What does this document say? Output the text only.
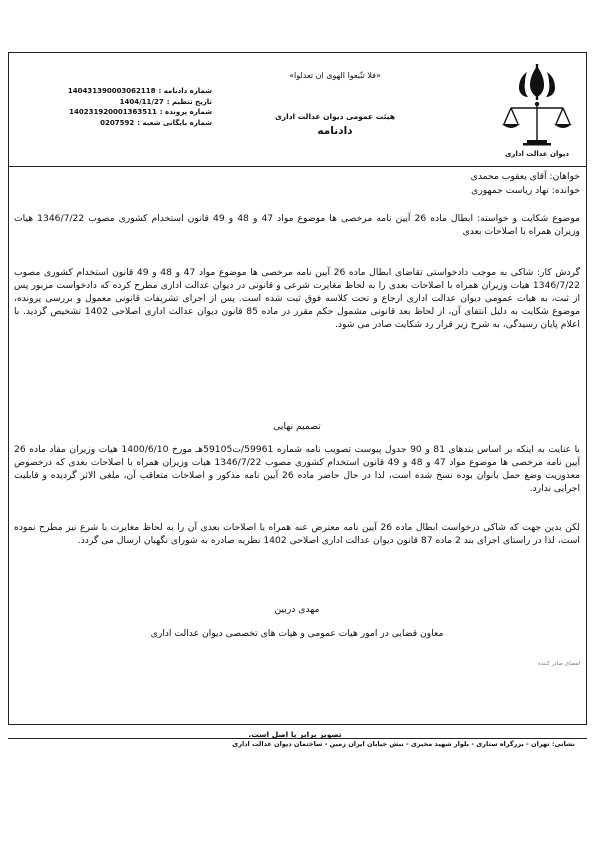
دیوان عدالت اداری
«فلا تتّبعوا الهوى ان تعدلوا»
هیئت عمومی دیوان عدالت اداری
دادنامه
شماره دادنامه :
140431390003062118
تاریخ تنظیم :
1404/11/27
شماره پرونده :
140231920001363511
شماره بایگانی شعبه :
0207592
خواهان: آقای یعقوب محمدی
خوانده: نهاد ریاست جمهوری
موضوع شکایت و خواسته: ابطال ماده 26 آیین نامه مرخصی ها موضوع مواد 47 و 48 و 49 قانون استخدام کشوری مصوب 1346/7/22 هیات وزیران همراه با اصلاحات بعدی
گردش کار: شاکی به موجب دادخواستی تقاضای ابطال ماده 26 آیین نامه مرخصی ها موضوع مواد 47 و 48 و 49 قانون استخدام کشوری مصوب 1346/7/22 هیات وزیران همراه با اصلاحات بعدی را به لحاظ مغایرت شرعی و قانونی در دیوان عدالت اداری مطرح کرده که دادخواست مزبور پس از ثبت، به هیات عمومی دیوان عدالت اداری ارجاع و تحت کلاسه فوق ثبت شده است. پس از اجرای تشریفات قانونی معمول و بررسی پرونده، موضوع شکایت به دلیل انتفای آن، از لحاظ بعد قانونی مشمول حکم مقرر در ماده 85 قانون دیوان عدالت اداری اصلاحی 1402 تشخیص گردید. با اعلام پایان رسیدگی، به شرح زیر قرار رد شکایت صادر می شود.
تصمیم نهایی
با عنایت به اینکه بر اساس بندهای 81 و 90 جدول پیوست تصویب نامه شماره 59961/ت59105هـ مورخ 1400/6/10 هیات وزیران مفاد ماده 26 آیین نامه مرخصی ها موضوع مواد 47 و 48 و 49 قانون استخدام کشوری مصوب 1346/7/22 هیات وزیران همراه با اصلاحات بعدی که درخصوص معذوریت وضع حمل بانوان بوده نسخ شده است، لذا در حال حاضر ماده 26 آیین نامه مذکور و اصلاحات متعاقب آن، ملغی الاثر گردیده و قابلیت اجرایی ندارد.
لکن بدین جهت که شاکی درخواست ابطال ماده 26 آیین نامه معترض عنه همراه با اصلاحات بعدی آن را به لحاظ مغایرت با شرع نیز مطرح نموده است، لذا در راستای اجرای بند 2 ماده 87 قانون دیوان عدالت اداری اصلاحی 1402 نظریه صادره به شورای نگهبان ارسال می گردد.
مهدی دربین
معاون قضایی در امور هیات عمومی و هیات های تخصصی دیوان عدالت اداری
امضای صادر کننده
تصویر برابر با اصل است.
نشانی: تهران - بزرگراه ستاری - بلوار شهید مخبری - نبش خیابان ایران زمین - ساختمان دیوان عدالت اداری
